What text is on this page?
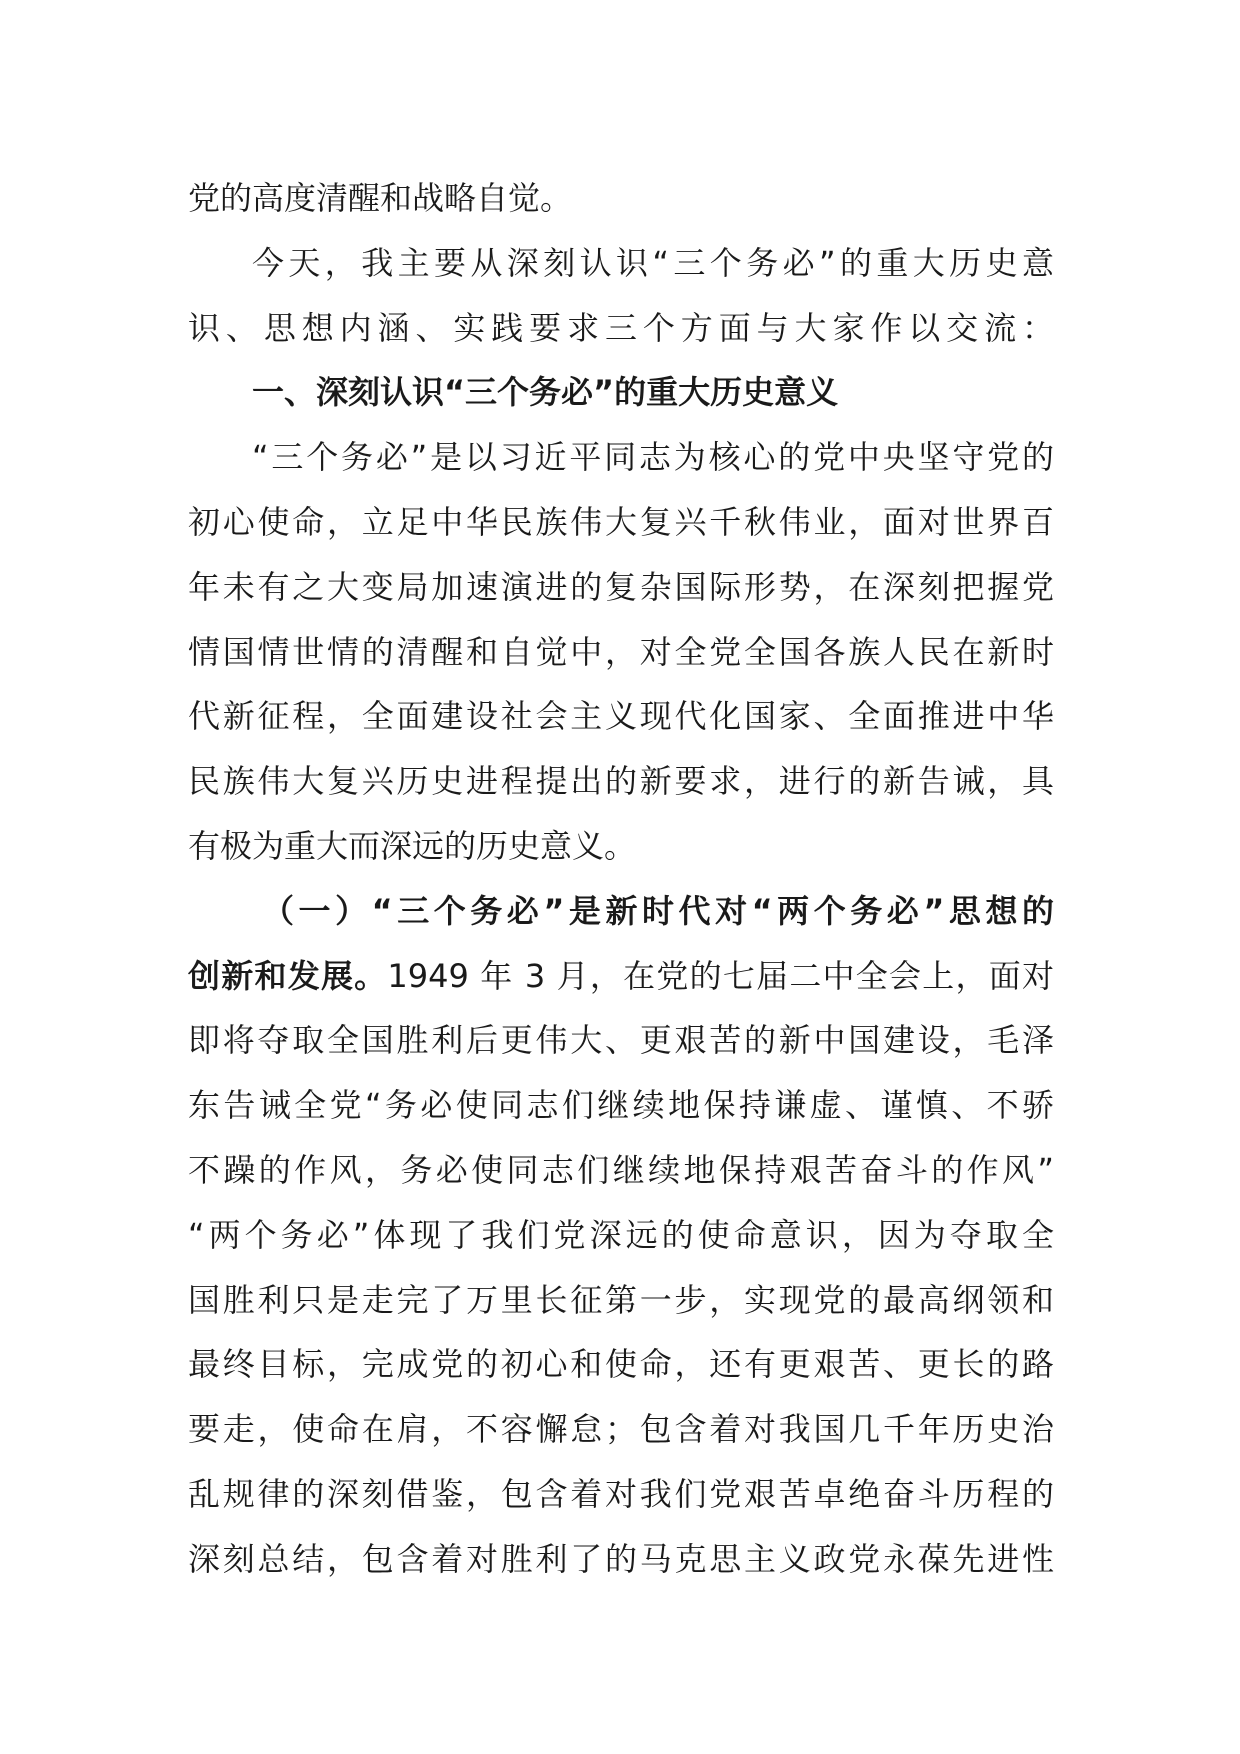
党的高度清醒和战略自觉。
今天，我主要从深刻认识“三个务必”的重大历史意
识、思想内涵、实践要求三个方面与大家作以交流：
一、深刻认识“三个务必”的重大历史意义
“三个务必”是以习近平同志为核心的党中央坚守党的
初心使命，立足中华民族伟大复兴千秋伟业，面对世界百
年未有之大变局加速演进的复杂国际形势，在深刻把握党
情国情世情的清醒和自觉中，对全党全国各族人民在新时
代新征程，全面建设社会主义现代化国家、全面推进中华
民族伟大复兴历史进程提出的新要求，进行的新告诫，具
有极为重大而深远的历史意义。
（一）“三个务必”是新时代对“两个务必”思想的
创新和发展。1949 年 3 月，在党的七届二中全会上，面对
即将夺取全国胜利后更伟大、更艰苦的新中国建设，毛泽
东告诫全党“务必使同志们继续地保持谦虚、谨慎、不骄
不躁的作风，务必使同志们继续地保持艰苦奋斗的作风”
“两个务必”体现了我们党深远的使命意识，因为夺取全
国胜利只是走完了万里长征第一步，实现党的最高纲领和
最终目标，完成党的初心和使命，还有更艰苦、更长的路
要走，使命在肩，不容懈怠；包含着对我国几千年历史治
乱规律的深刻借鉴，包含着对我们党艰苦卓绝奋斗历程的
深刻总结，包含着对胜利了的马克思主义政党永葆先进性
